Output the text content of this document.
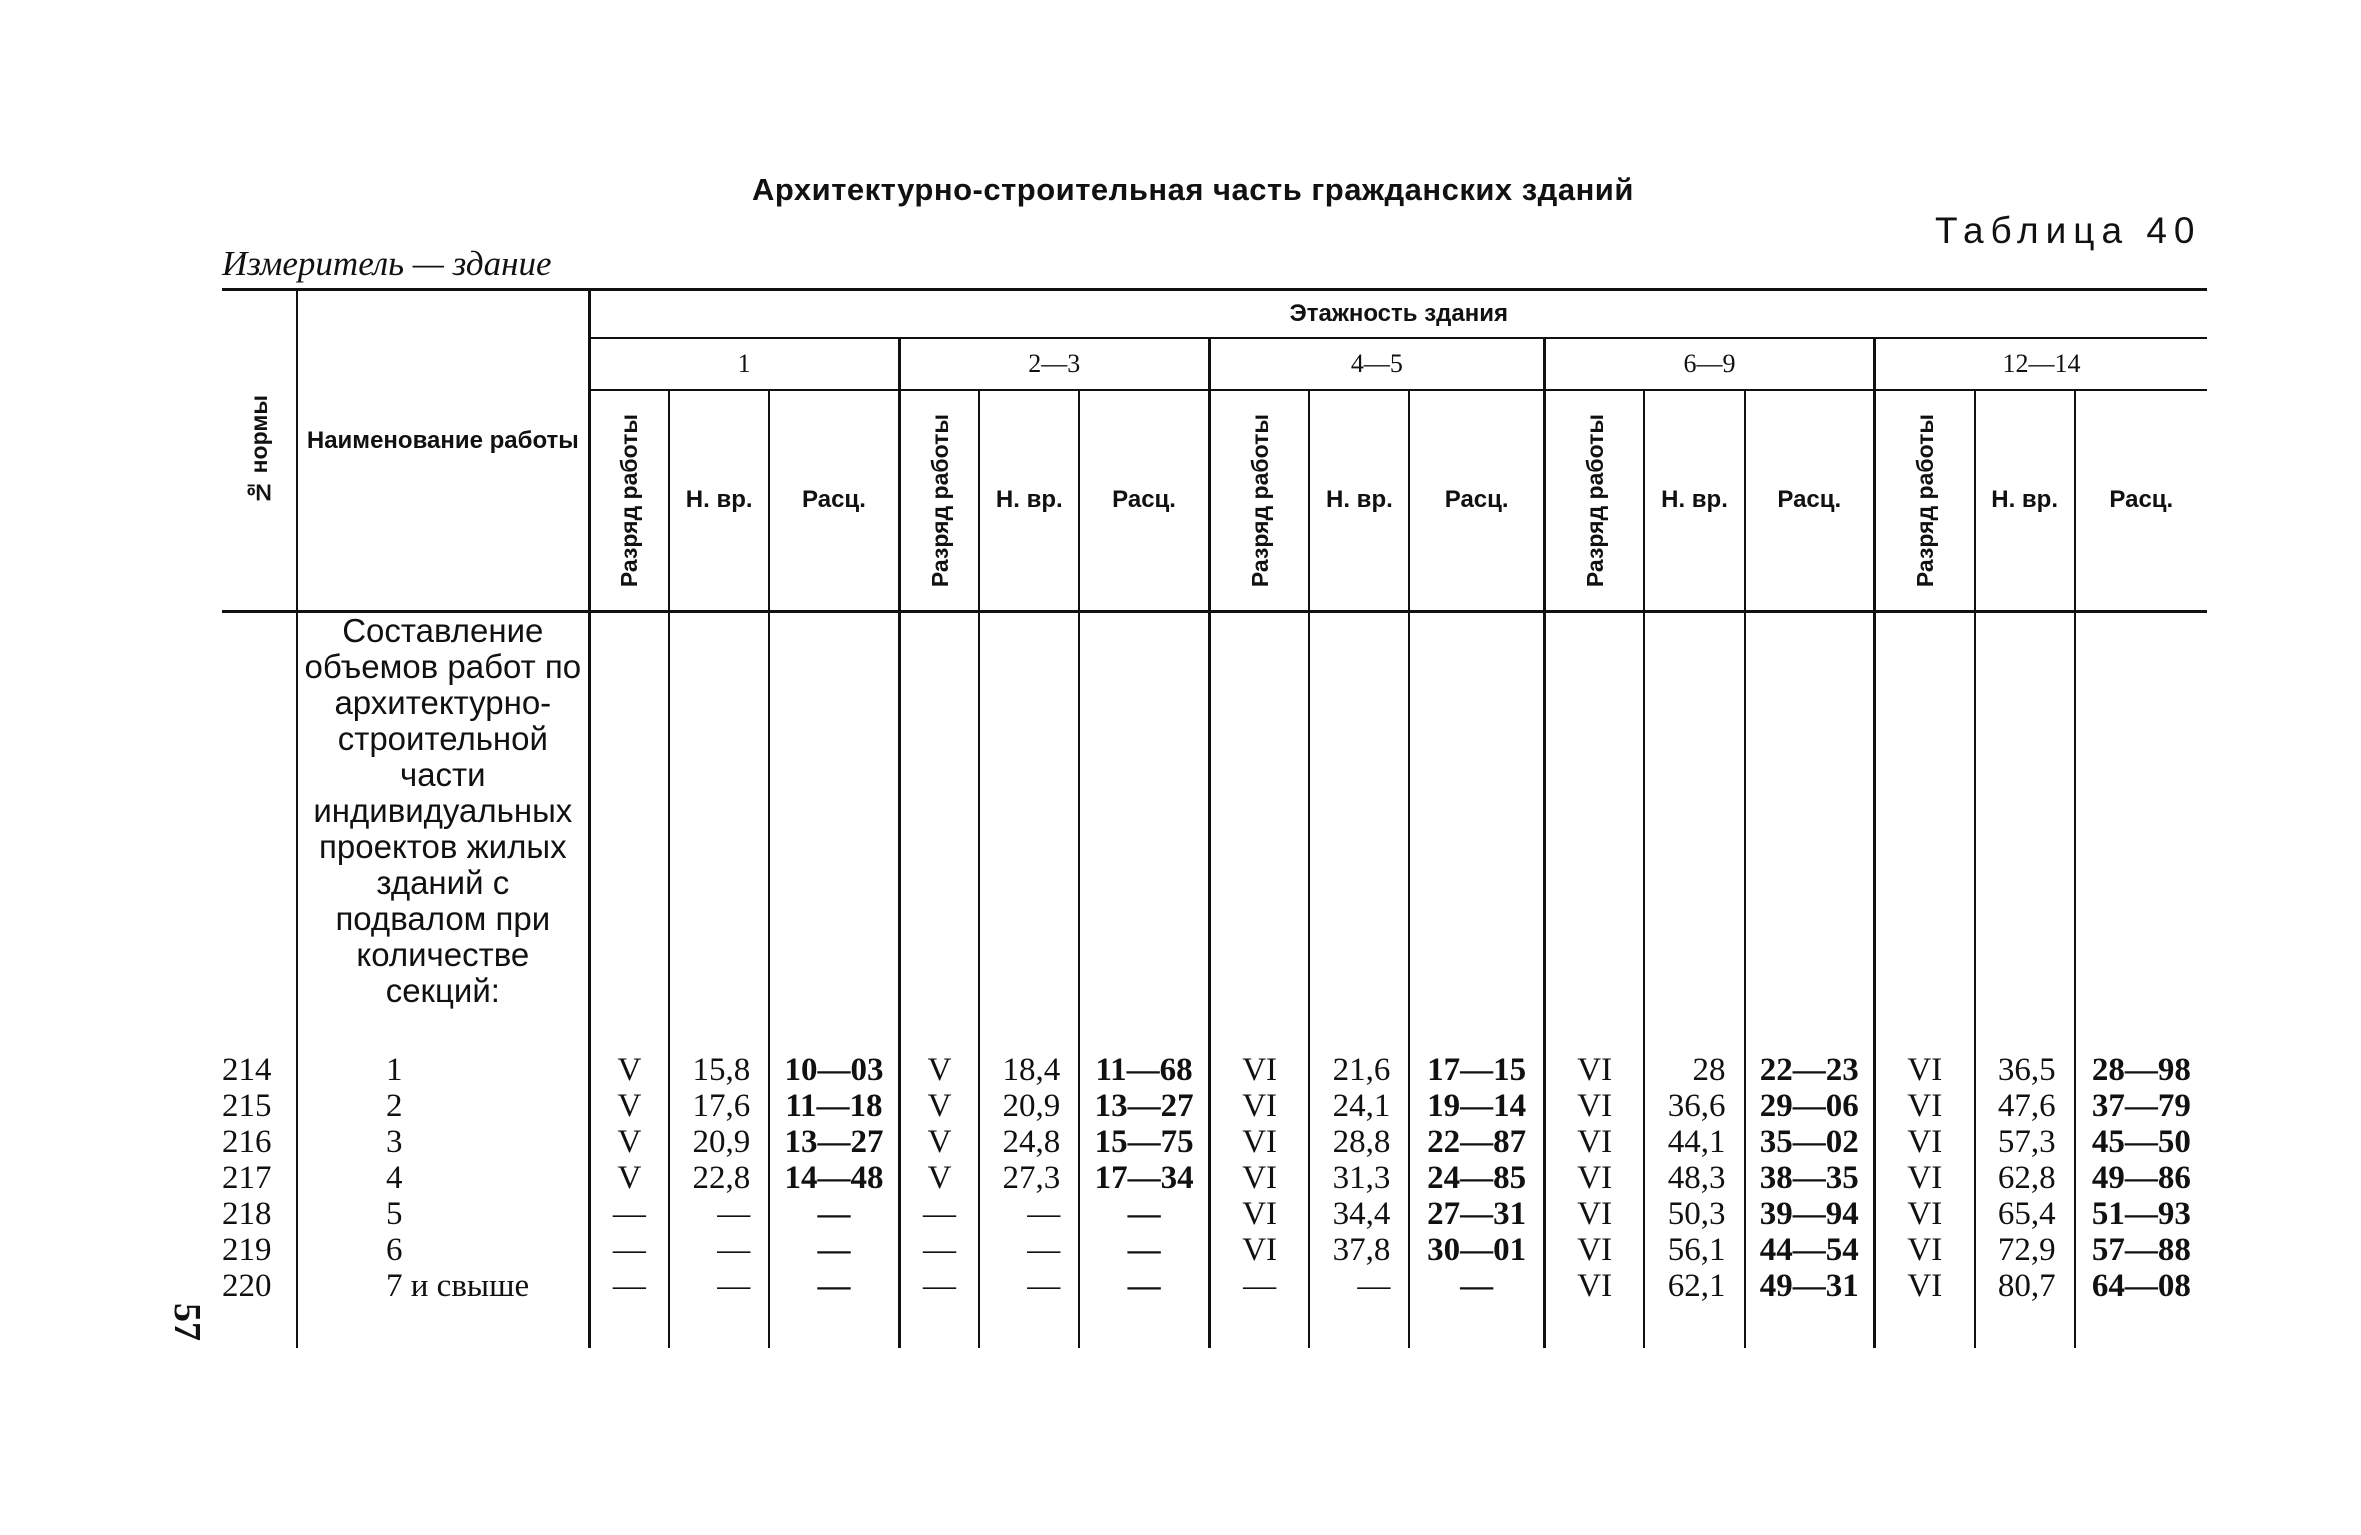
Архитектурно-строительная часть гражданских зданий
Таблица 40
Измеритель — здание
№ нормы	Наименование работы	Этажность здания														
		1			2—3			4—5			6—9			12—14		

		Разряд работы	Н. вр.	Расц.	Разряд работы	Н. вр.	Расц.	Разряд работы	Н. вр.	Расц.	Разряд работы	Н. вр.	Расц.	Разряд работы	Н. вр.	Расц.
	Составление объемов работ по архитектурно-строительной части индивидуальных проектов жилых зданий с подвалом при количестве секций:															
214	1	V	15,8	10—03	V	18,4	11—68	VI	21,6	17—15	VI	28	22—23	VI	36,5	28—98
215	2	V	17,6	11—18	V	20,9	13—27	VI	24,1	19—14	VI	36,6	29—06	VI	47,6	37—79
216	3	V	20,9	13—27	V	24,8	15—75	VI	28,8	22—87	VI	44,1	35—02	VI	57,3	45—50
217	4	V	22,8	14—48	V	27,3	17—34	VI	31,3	24—85	VI	48,3	38—35	VI	62,8	49—86
218	5	—	—	—	—	—	—	VI	34,4	27—31	VI	50,3	39—94	VI	65,4	51—93
219	6	—	—	—	—	—	—	VI	37,8	30—01	VI	56,1	44—54	VI	72,9	57—88
220	7 и свыше	—	—	—	—	—	—	—	—	—	VI	62,1	49—31	VI	80,7	64—08
57
